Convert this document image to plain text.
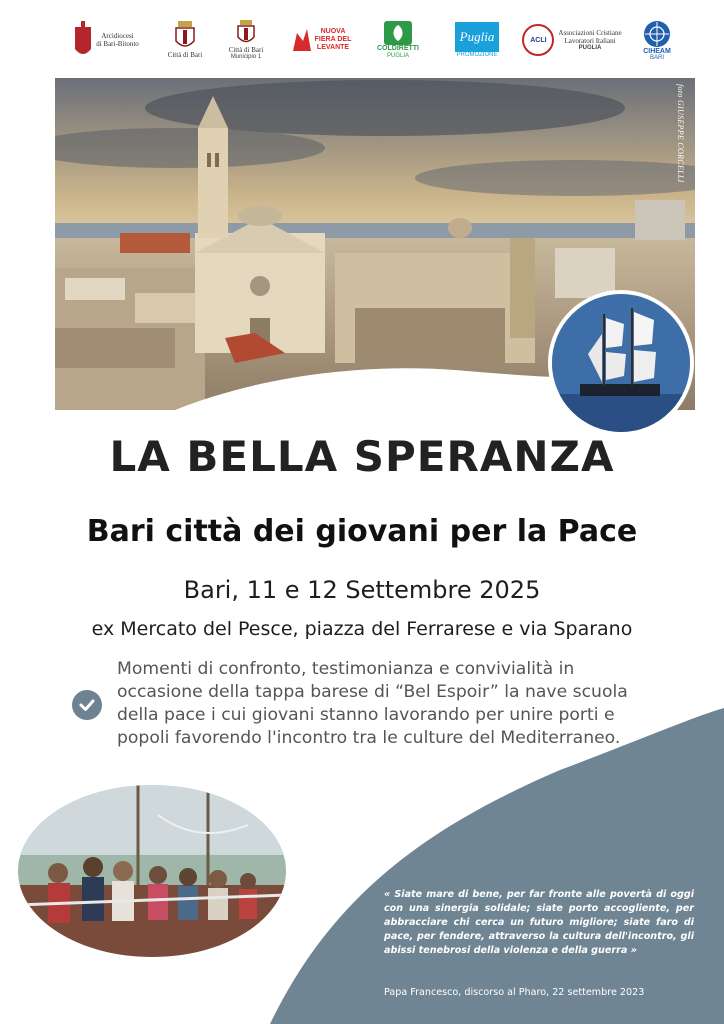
Arcidiocesi
di Bari-Bitonto
Città di Bari
Città di Bari
Municipio 1
NUOVA
FIERA DEL
LEVANTE	COLDIRETTI
PUGLIA
Puglia
PROMOZIONE
ACLI
Associazioni Cristiane
Lavoratori Italiani
PUGLIA	CIHEAM
BARI
foto GIUSEPPE CORCELLI
LA BELLA SPERANZA
Bari città dei giovani per la Pace
Bari, 11 e 12 Settembre 2025
ex Mercato del Pesce, piazza del Ferrarese e via Sparano
Momenti di confronto, testimonianza e convivialità in occasione della tappa barese di “Bel Espoir” la nave scuola della pace i cui giovani stanno lavorando per unire porti e popoli favorendo l'incontro tra le culture del Mediterraneo.
« Siate mare di bene, per far fronte alle povertà di oggi con una sinergia solidale; siate porto accogliente, per abbracciare chi cerca un futuro migliore; siate faro di pace, per fendere, attraverso la cultura dell'incontro, gli abissi tenebrosi della violenza e della guerra »
Papa Francesco, discorso al Pharo, 22 settembre 2023
